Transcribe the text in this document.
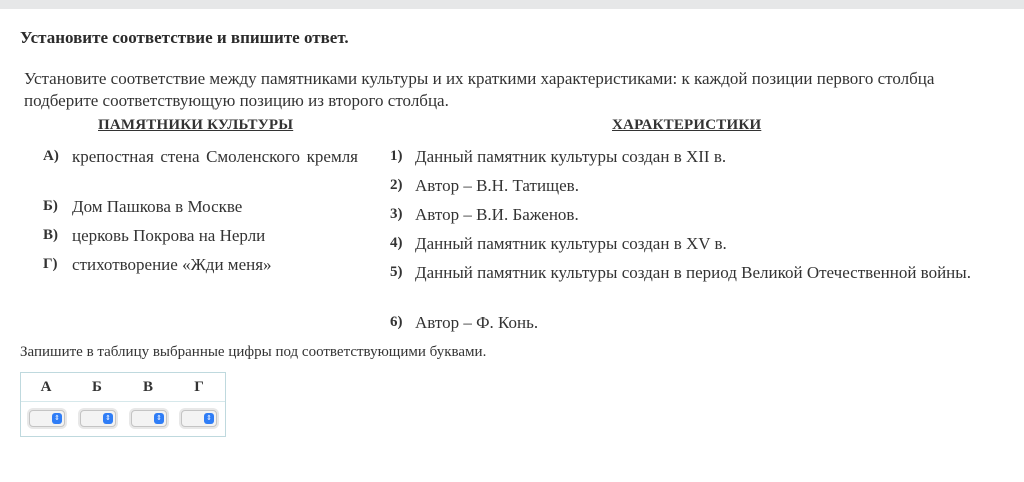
Установите соответствие и впишите ответ.
Установите соответствие между памятниками культуры и их краткими характеристиками: к каждой позиции первого столбца подберите соответствующую позицию из второго столбца.
ПАМЯТНИКИ КУЛЬТУРЫ	ХАРАКТЕРИСТИКИ
А) крепостная стена Смоленского кремля
Б) Дом Пашкова в Москве
В) церковь Покрова на Нерли
Г) стихотворение «Жди меня»
1) Данный памятник культуры создан в XII в.
2) Автор – В.Н. Татищев.
3) Автор – В.И. Баженов.
4) Данный памятник культуры создан в XV в.
5) Данный памятник культуры создан в период Великой Отечественной войны.
6) Автор – Ф. Конь.
Запишите в таблицу выбранные цифры под соответствующими буквами.
А	Б	В	Г
⇕	⇕	⇕	⇕
